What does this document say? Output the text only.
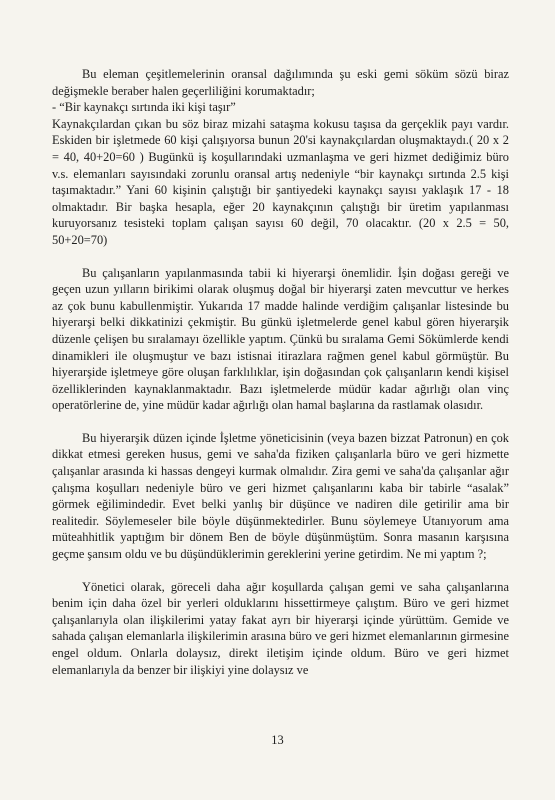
Bu eleman çeşitlemelerinin oransal dağılımında şu eski gemi söküm sözü biraz değişmekle beraber halen geçerliliğini korumaktadır;

- “Bir kaynakçı sırtında iki kişi taşır”

Kaynakçılardan çıkan bu söz biraz mizahi sataşma kokusu taşısa da gerçeklik payı vardır. Eskiden bir işletmede 60 kişi çalışıyorsa bunun 20'si kaynakçılardan oluşmaktaydı.( 20 x 2 = 40, 40+20=60 ) Bugünkü iş koşullarındaki uzmanlaşma ve geri hizmet dediğimiz büro v.s. elemanları sayısındaki zorunlu oransal artış nedeniyle “bir kaynakçı sırtında 2.5 kişi taşımaktadır.” Yani 60 kişinin çalıştığı bir şantiyedeki kaynakçı sayısı yaklaşık 17 - 18 olmaktadır. Bir başka hesapla, eğer 20 kaynakçının çalıştığı bir üretim yapılanması kuruyorsanız tesisteki toplam çalışan sayısı 60 değil, 70 olacaktır. (20 x 2.5 = 50, 50+20=70)

Bu çalışanların yapılanmasında tabii ki hiyerarşi önemlidir. İşin doğası gereği ve geçen uzun yılların birikimi olarak oluşmuş doğal bir hiyerarşi zaten mevcuttur ve herkes az çok bunu kabullenmiştir. Yukarıda 17 madde halinde verdiğim çalışanlar listesinde bu hiyerarşi belki dikkatinizi çekmiştir. Bu günkü işletmelerde genel kabul gören hiyerarşik düzenle çelişen bu sıralamayı özellikle yaptım. Çünkü bu sıralama Gemi Sökümlerde kendi dinamikleri ile oluşmuştur ve bazı istisnai itirazlara rağmen genel kabul görmüştür. Bu hiyerarşide işletmeye göre oluşan farklılıklar, işin doğasından çok çalışanların kendi kişisel özelliklerinden kaynaklanmaktadır. Bazı işletmelerde müdür kadar ağırlığı olan vinç operatörlerine de, yine müdür kadar ağırlığı olan hamal başlarına da rastlamak olasıdır.

Bu hiyerarşik düzen içinde İşletme yöneticisinin (veya bazen bizzat Patronun) en çok dikkat etmesi gereken husus, gemi ve saha'da fiziken çalışanlarla büro ve geri hizmette çalışanlar arasında ki hassas dengeyi kurmak olmalıdır. Zira gemi ve saha'da çalışanlar ağır çalışma koşulları nedeniyle büro ve geri hizmet çalışanlarını kaba bir tabirle “asalak” görmek eğilimindedir. Evet belki yanlış bir düşünce ve nadiren dile getirilir ama bir realitedir. Söylemeseler bile böyle düşünmektedirler. Bunu söylemeye Utanıyorum ama müteahhitlik yaptığım bir dönem Ben de böyle düşünmüştüm. Sonra masanın karşısına geçme şansım oldu ve bu düşündüklerimin gereklerini yerine getirdim. Ne mi yaptım ?;

Yönetici olarak, göreceli daha ağır koşullarda çalışan gemi ve saha çalışanlarına benim için daha özel bir yerleri olduklarını hissettirmeye çalıştım. Büro ve geri hizmet çalışanlarıyla olan ilişkilerimi yatay fakat ayrı bir hiyerarşi içinde yürüttüm. Gemide ve sahada çalışan elemanlarla ilişkilerimin arasına büro ve geri hizmet elemanlarının girmesine engel oldum. Onlarla dolaysız, direkt iletişim içinde oldum. Büro ve geri hizmet elemanlarıyla da benzer bir ilişkiyi yine dolaysız ve

13
